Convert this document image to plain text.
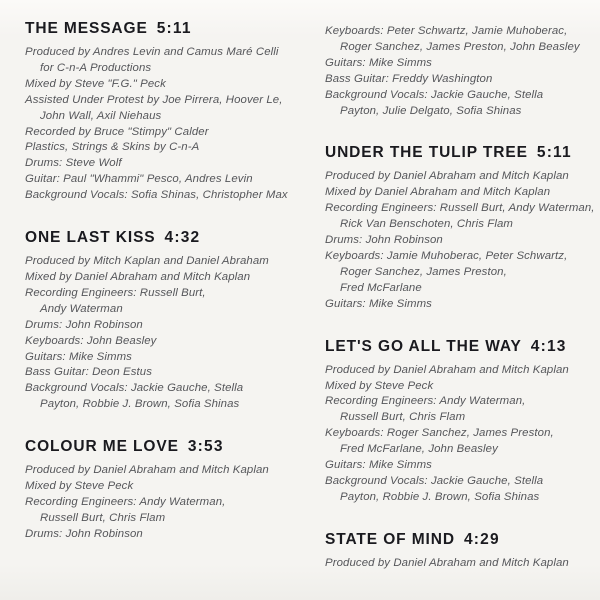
THE MESSAGE 5:11
Produced by Andres Levin and Camus Maré Celli
for C-n-A Productions
Mixed by Steve "F.G." Peck
Assisted Under Protest by Joe Pirrera, Hoover Le,
John Wall, Axil Niehaus
Recorded by Bruce "Stimpy" Calder
Plastics, Strings & Skins by C-n-A
Drums: Steve Wolf
Guitar: Paul "Whammi" Pesco, Andres Levin
Background Vocals: Sofia Shinas, Christopher Max
ONE LAST KISS 4:32
Produced by Mitch Kaplan and Daniel Abraham
Mixed by Daniel Abraham and Mitch Kaplan
Recording Engineers: Russell Burt,
Andy Waterman
Drums: John Robinson
Keyboards: John Beasley
Guitars: Mike Simms
Bass Guitar: Deon Estus
Background Vocals: Jackie Gauche, Stella
Payton, Robbie J. Brown, Sofia Shinas
COLOUR ME LOVE 3:53
Produced by Daniel Abraham and Mitch Kaplan
Mixed by Steve Peck
Recording Engineers: Andy Waterman,
Russell Burt, Chris Flam
Drums: John Robinson
Keyboards: Peter Schwartz, Jamie Muhoberac,
Roger Sanchez, James Preston, John Beasley
Guitars: Mike Simms
Bass Guitar: Freddy Washington
Background Vocals: Jackie Gauche, Stella
Payton, Julie Delgato, Sofia Shinas
UNDER THE TULIP TREE 5:11
Produced by Daniel Abraham and Mitch Kaplan
Mixed by Daniel Abraham and Mitch Kaplan
Recording Engineers: Russell Burt, Andy Waterman,
Rick Van Benschoten, Chris Flam
Drums: John Robinson
Keyboards: Jamie Muhoberac, Peter Schwartz,
Roger Sanchez, James Preston,
Fred McFarlane
Guitars: Mike Simms
LET'S GO ALL THE WAY 4:13
Produced by Daniel Abraham and Mitch Kaplan
Mixed by Steve Peck
Recording Engineers: Andy Waterman,
Russell Burt, Chris Flam
Keyboards: Roger Sanchez, James Preston,
Fred McFarlane, John Beasley
Guitars: Mike Simms
Background Vocals: Jackie Gauche, Stella
Payton, Robbie J. Brown, Sofia Shinas
STATE OF MIND 4:29
Produced by Daniel Abraham and Mitch Kaplan
